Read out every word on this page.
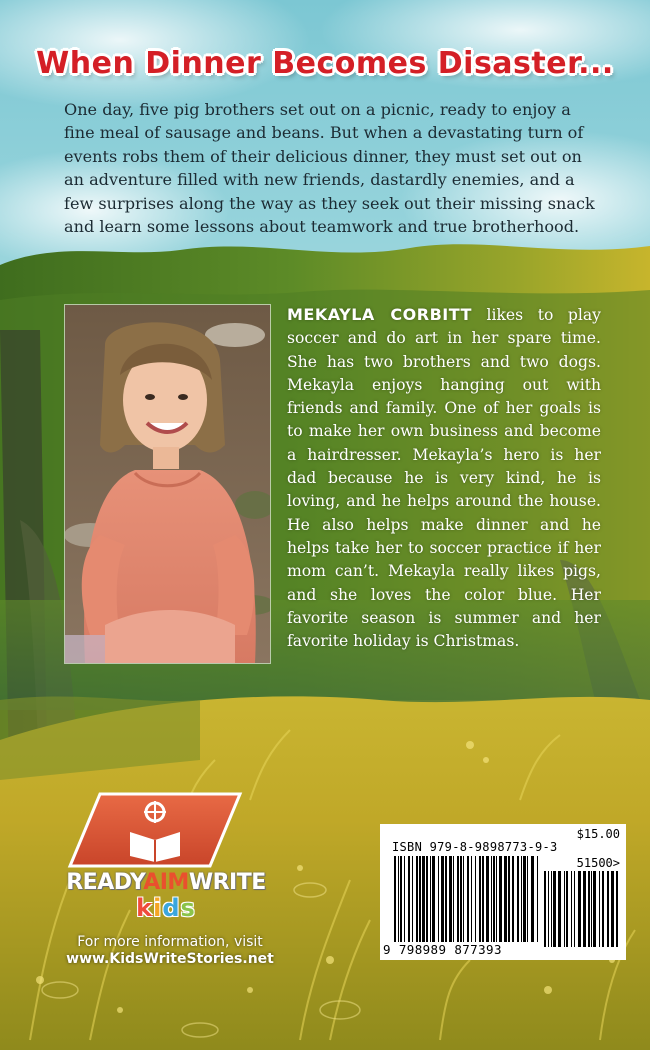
When Dinner Becomes Disaster...

One day, five pig brothers set out on a picnic, ready to enjoy a fine meal of sausage and beans. But when a devastating turn of events robs them of their delicious dinner, they must set out on an adventure filled with new friends, dastardly enemies, and a few surprises along the way as they seek out their missing snack and learn some lessons about teamwork and true brotherhood.

MEKAYLA CORBITT likes to play soccer and do art in her spare time. She has two brothers and two dogs. Mekayla enjoys hanging out with friends and family. One of her goals is to make her own business and become a hairdresser. Mekayla’s hero is her dad because he is very kind, he is loving, and he helps around the house. He also helps make dinner and he helps take her to soccer practice if her mom can’t. Mekayla really likes pigs, and she loves the color blue. Her favorite season is summer and her favorite holiday is Christmas.

READYAIMWRITE
kids
For more information, visit
www.KidsWriteStories.net
$15.00
ISBN 979-8-9898773-9-3
51500>
9 798989 877393
